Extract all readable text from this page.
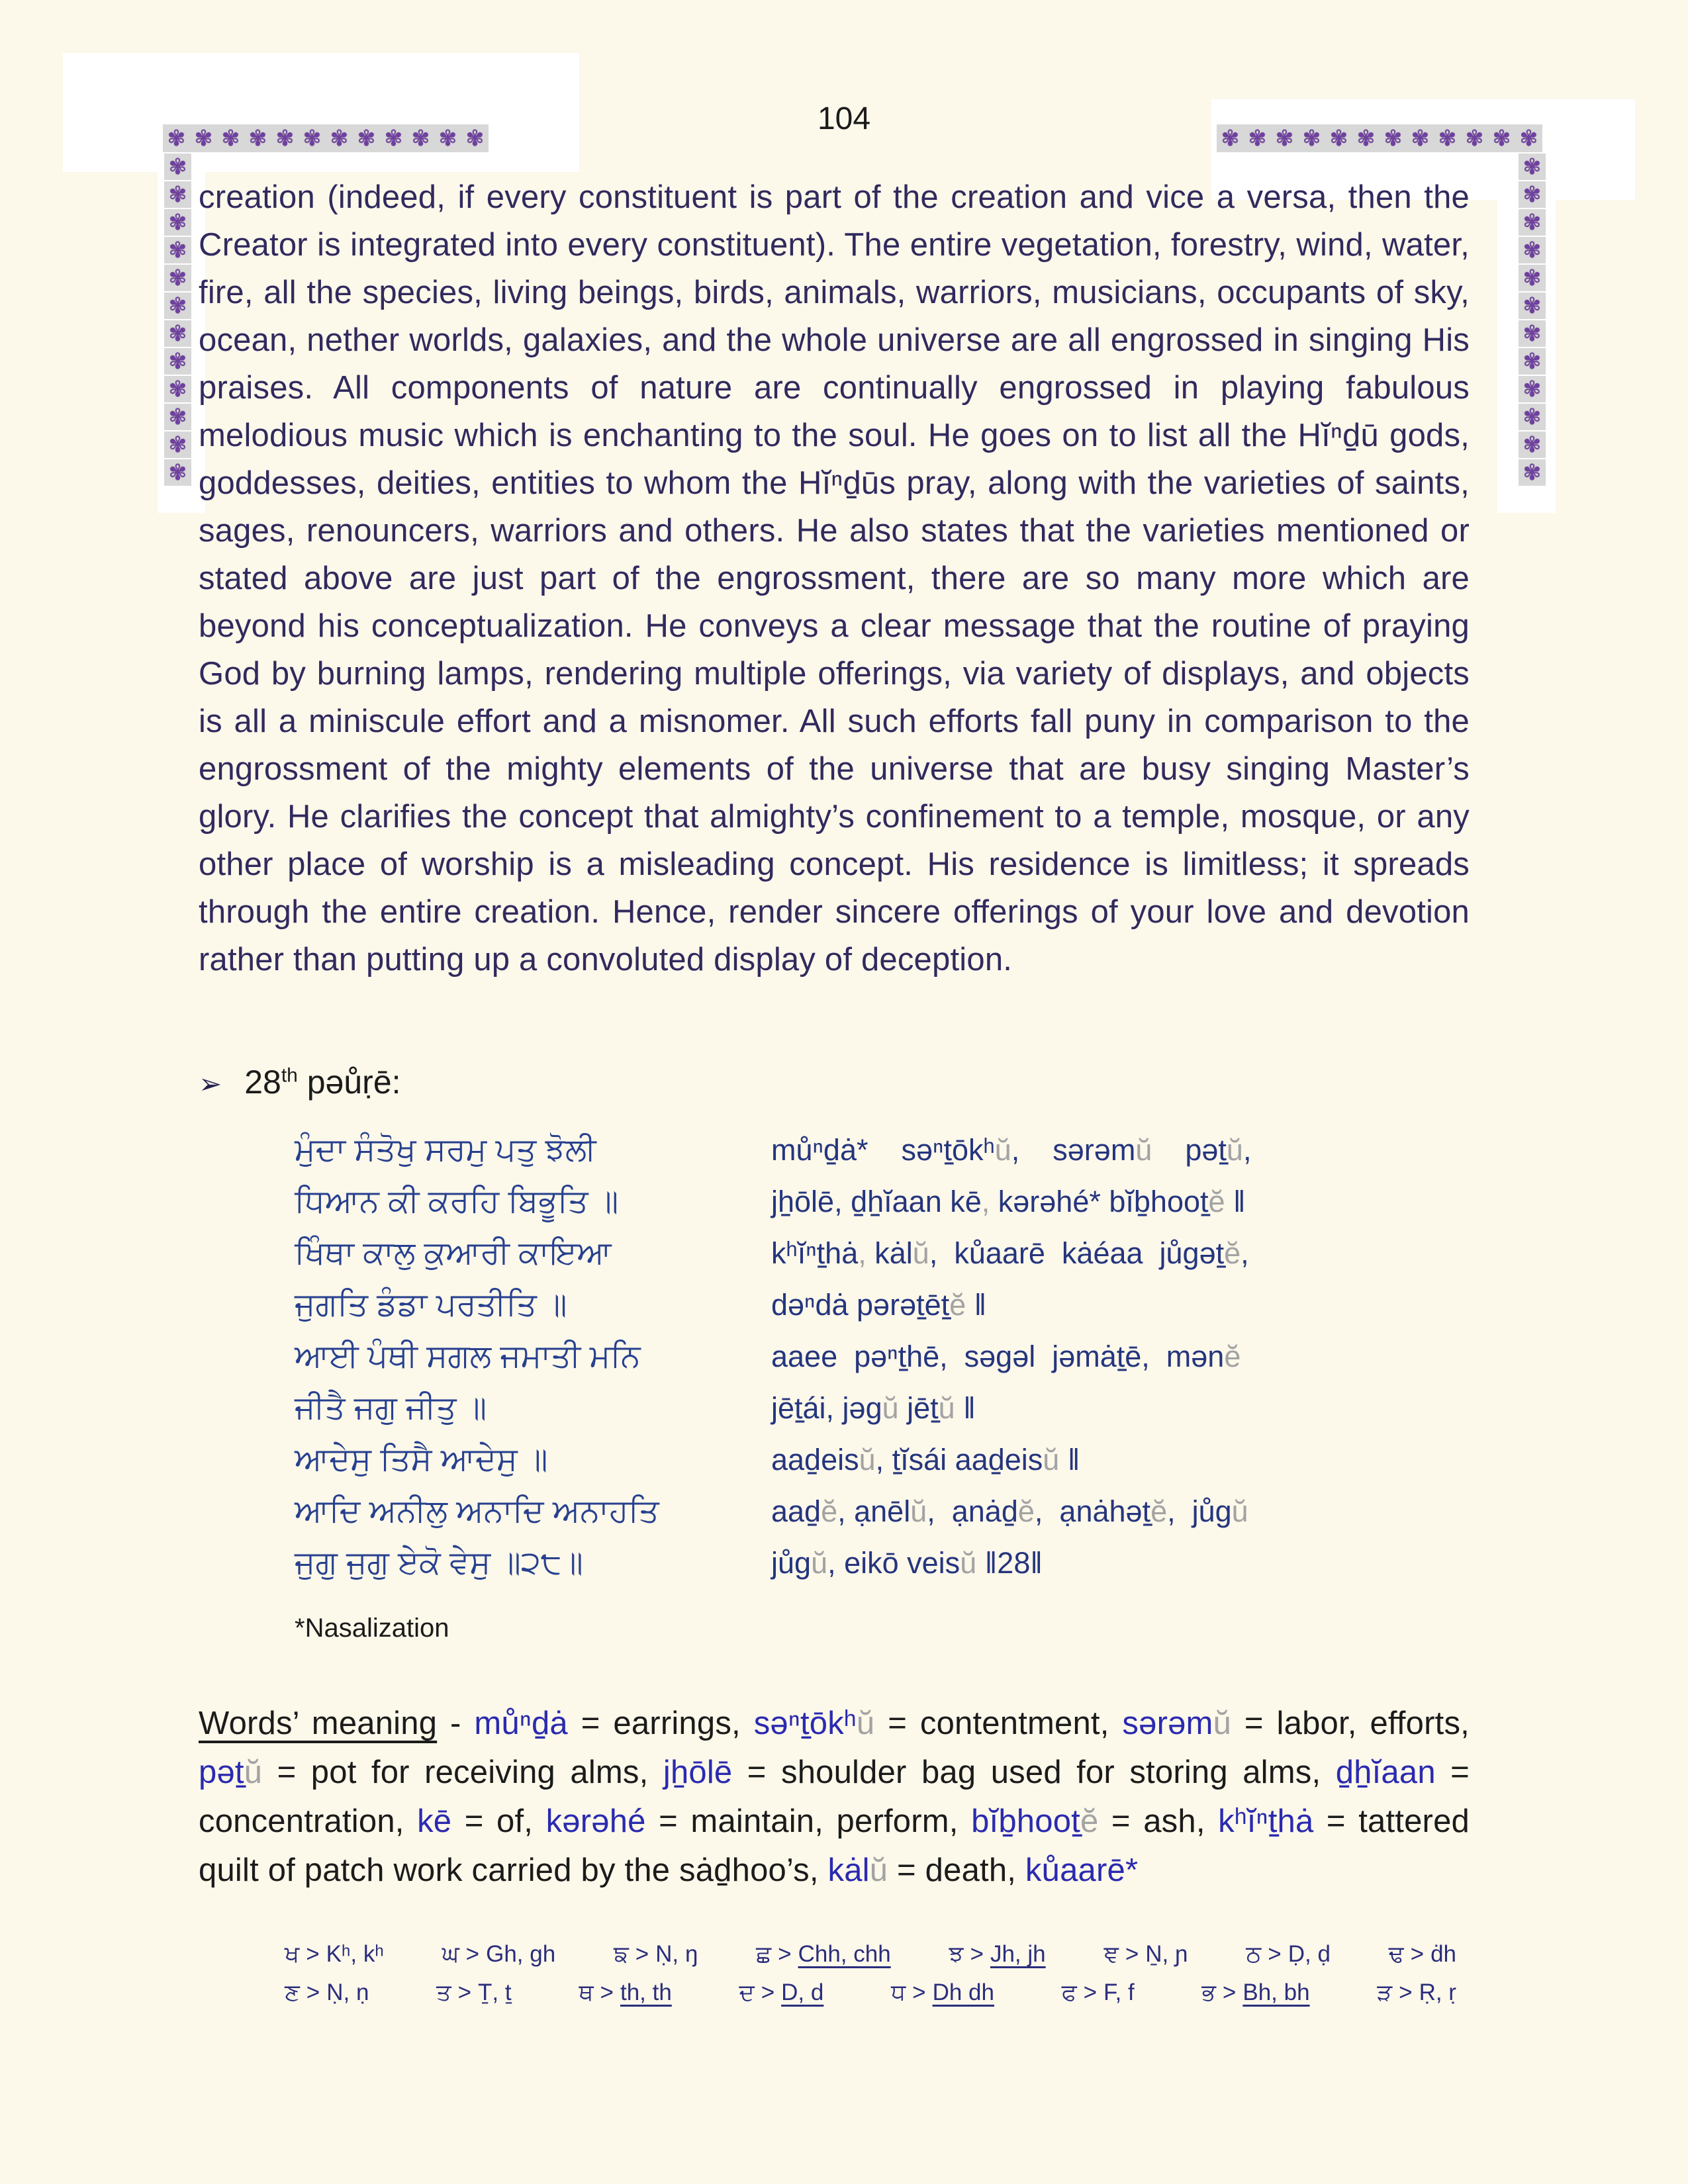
✾ ✾ ✾ ✾ ✾ ✾ ✾ ✾ ✾ ✾ ✾ ✾	✾ ✾ ✾ ✾ ✾ ✾ ✾ ✾ ✾ ✾ ✾ ✾
✾
✾
✾
✾
✾
✾
✾
✾
✾
✾
✾
✾
✾
✾
✾
✾
✾
✾
✾
✾
✾
✾
✾
✾
104

creation (indeed, if every constituent is part of the creation and vice a versa, then the Creator is integrated into every constituent). The entire vegetation, forestry, wind, water, fire, all the species, living beings, birds, animals, warriors, musicians, occupants of sky, ocean, nether worlds, galaxies, and the whole universe are all engrossed in singing His praises. All components of nature are continually engrossed in playing fabulous melodious music which is enchanting to the soul. He goes on to list all the Hĭⁿd̠ū gods, goddesses, deities, entities to whom the Hĭⁿd̠ūs pray, along with the varieties of saints, sages, renouncers, warriors and others. He also states that the varieties mentioned or stated above are just part of the engrossment, there are so many more which are beyond his conceptualization. He conveys a clear message that the routine of praying God by burning lamps, rendering multiple offerings, via variety of displays, and objects is all a miniscule effort and a misnomer. All such efforts fall puny in comparison to the engrossment of the mighty elements of the universe that are busy singing Master’s glory. He clarifies the concept that almighty’s confinement to a temple, mosque, or any other place of worship is a misleading concept. His residence is limitless; it spreads through the entire creation. Hence, render sincere offerings of your love and devotion rather than putting up a convoluted display of deception.

➢ 28th pəůṛē:
ਮੁੰਦਾ ਸੰਤੋਖੁ ਸਰਮੁ ਪਤੁ ਝੋਲੀ	můⁿd̠ȧ*    səⁿt̠ōkʰŭ,    sərəmŭ    pət̠ŭ,
ਧਿਆਨ ਕੀ ਕਰਹਿ ਬਿਭੂਤਿ ॥	jh̠ōlē, d̠h̠ĭaan kē, kərəhé* bĭb̠hoot̠ĕ ‖
ਖਿੰਥਾ ਕਾਲੁ ਕੁਆਰੀ ਕਾਇਆ	kʰĭⁿt̠hȧ, kȧlŭ,  kůaarē  kȧéaa  jůgət̠ĕ,
ਜੁਗਤਿ ਡੰਡਾ ਪਰਤੀਤਿ ॥	dəⁿdȧ pərət̠ēt̠ĕ ‖
ਆਈ ਪੰਥੀ ਸਗਲ ਜਮਾਤੀ ਮਨਿ	aaee  pəⁿt̠hē,  səgəl  jəmȧt̠ē,  mənĕ
ਜੀਤੈ ਜਗੁ ਜੀਤੁ ॥	jēt̠ái, jəgŭ jēt̠ŭ ‖
ਆਦੇਸੁ ਤਿਸੈ ਆਦੇਸੁ ॥	aad̠eisŭ, t̠ĭsái aad̠eisŭ ‖
ਆਦਿ ਅਨੀਲੁ ਅਨਾਦਿ ਅਨਾਹਤਿ	aad̠ĕ, ạnēlŭ,  ạnȧd̠ĕ,  ạnȧhət̠ĕ,  jůgŭ
ਜੁਗੁ ਜੁਗੁ ਏਕੋ ਵੇਸੁ ॥੨੮॥	jůgŭ, eikō veisŭ ‖28‖
*Nasalization

Words’ meaning - můⁿd̠ȧ = earrings, səⁿt̠ōkʰŭ = contentment, sərəmŭ = labor, efforts, pət̠ŭ = pot for receiving alms, jh̠ōlē = shoulder bag used for storing alms, d̠h̠ĭaan = concentration, kē = of, kərəhé = maintain, perform, bĭb̠hoot̠ĕ = ash, kʰĭⁿt̠hȧ = tattered quilt of patch work carried by the sȧd̠hoo’s, kȧlŭ = death, kůaarē*

ਖ > Kʰ, kʰ	ਘ > Gh, gh	ਙ > Ṇ, ŋ	ਛ > Chh, chh	ਝ > Jh, jh	ਞ > Ṉ, ɲ	ਠ > Ḍ, ḍ	ਢ > ḋh
ਣ > Ṇ, ṇ	ਤ > Ṯ, ṯ	ਥ > th, th	ਦ > D, d	ਧ > Dh dh	ਫ > F, f	ਭ > Bh, bh	ੜ > Ṛ, ṛ
